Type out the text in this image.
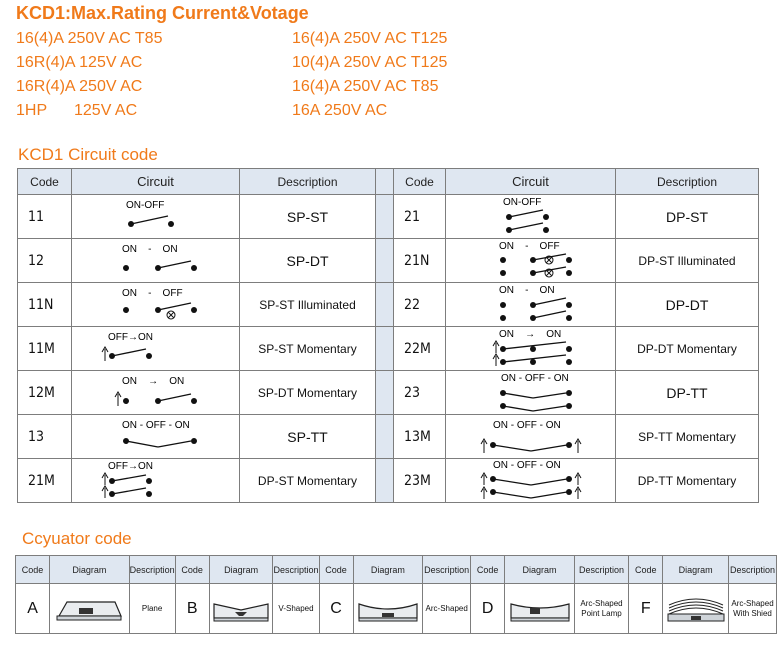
KCD1:Max.Rating Current&Votage
16(4)A 250V AC T85	16(4)A 250V AC T125
16R(4)A 125V AC	10(4)A 250V AC T125
16R(4)A 250V AC	16(4)A 250V AC T85
1HP 125V AC	16A 250V AC
KCD1 Circuit code
Code	Circuit	Description		Code	Circuit	Description
11	ON-OFF	SP-ST		21	ON-OFF	DP-ST
12	ON    -    ON	SP-DT		21N	ON    -    OFF	DP-ST Illuminated
11N	ON    -    OFF	SP-ST Illuminated		22	ON    -    ON	DP-DT
11M	OFF→ON	SP-ST Momentary		22M	ON    →    ON	DP-DT Momentary
12M	ON    →    ON	SP-DT Momentary		23	ON - OFF - ON	DP-TT
13	ON - OFF - ON	SP-TT		13M	ON - OFF - ON	SP-TT Momentary
21M	OFF→ON	DP-ST Momentary		23M	ON - OFF - ON	DP-TT Momentary
Ccyuator code
Code	Diagram	Description	Code	Diagram	Description	Code	Diagram	Description	Code	Diagram	Description	Code	Diagram	Description
A		Plane	B		V-Shaped	C		Arc-Shaped	D		Arc-Shaped Point Lamp	F		Arc-Shaped With Shied
